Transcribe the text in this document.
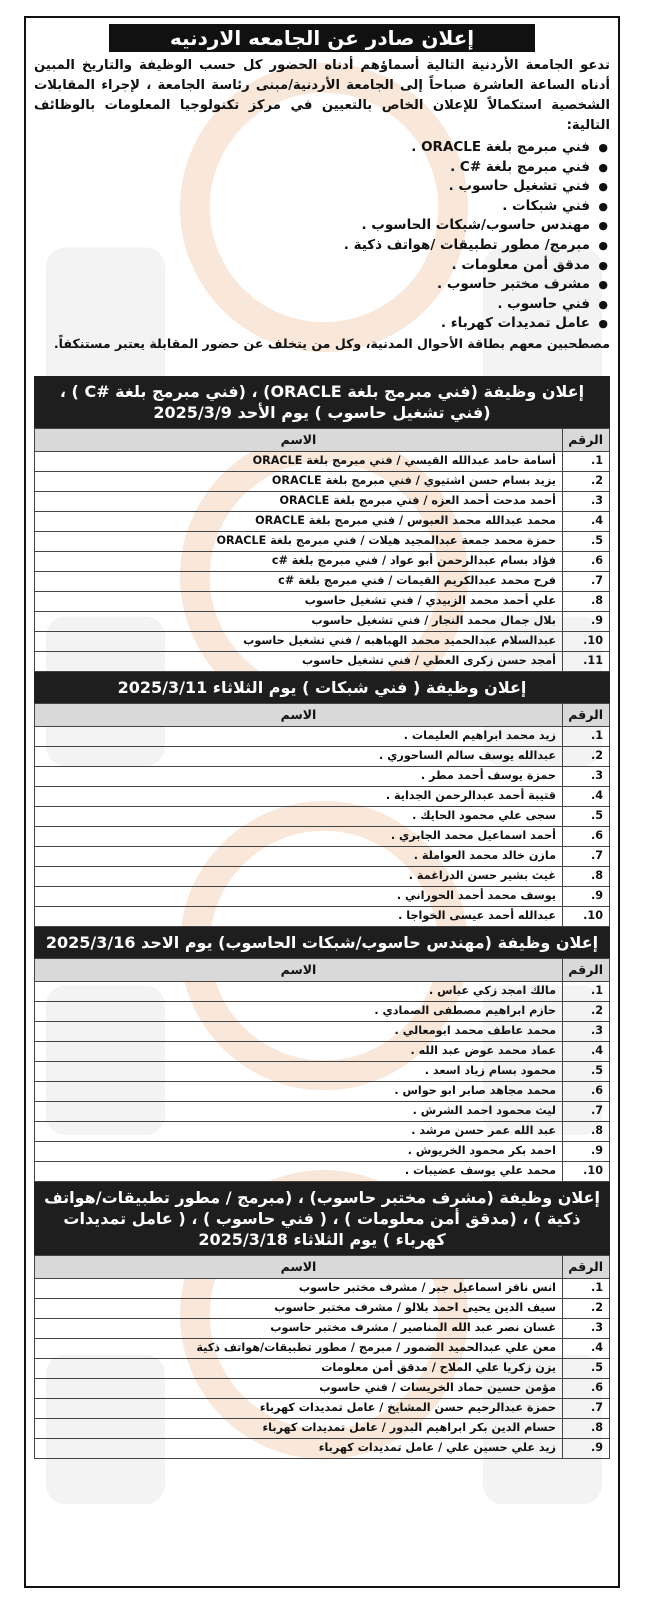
إعلان صادر عن الجامعه الاردنيه

تدعو الجامعة الأردنية التالية أسماؤهم أدناه الحضور كل حسب الوظيفة والتاريخ المبين أدناه الساعة العاشرة صباحاً إلى الجامعة الأردنية/مبنى رئاسة الجامعة ، لإجراء المقابلات الشخصية استكمالاً للإعلان الخاص بالتعيين في مركز تكنولوجيا المعلومات بالوظائف التالية:

● فني مبرمج بلغة ORACLE .
● فني مبرمج بلغة #C .
● فني تشغيل حاسوب .
● فني شبكات .
● مهندس حاسوب/شبكات الحاسوب .
● مبرمج/ مطور تطبيقات /هواتف ذكية .
● مدقق أمن معلومات .
● مشرف مختبر حاسوب .
● فني حاسوب .
● عامل تمديدات كهرباء .

مصطحبين معهم بطاقة الأحوال المدنية، وكل من يتخلف عن حضور المقابلة يعتبر مستنكفاً.

إعلان وظيفة (فني مبرمج بلغة ORACLE) ، (فني مبرمج بلغة #C ) ، (فني تشغيل حاسوب ) يوم الأحد 2025/3/9
الرقم	الاسم
1.	أسامة حامد عبدالله القيسي / فني مبرمج بلغة ORACLE
2.	يزيد بسام حسن اشتيوي / فني مبرمج بلغة ORACLE
3.	أحمد مدحت أحمد العزه / فني مبرمج بلغة ORACLE
4.	محمد عبدالله محمد العبوس / فني مبرمج بلغة ORACLE
5.	حمزة محمد جمعة عبدالمجيد هيلات / فني مبرمج بلغة ORACLE
6.	فؤاد بسام عبدالرحمن أبو عواد / فني مبرمج بلغة #c
7.	فرح محمد عبدالكريم القيمات / فني مبرمج بلغة #c
8.	علي أحمد محمد الزبيدي / فني تشغيل حاسوب
9.	بلال جمال محمد النجار / فني تشغيل حاسوب
10.	عبدالسلام عبدالحميد محمد الهباهبه / فني تشغيل حاسوب
11.	أمجد حسن زكرى العطي / فني تشغيل حاسوب
إعلان وظيفة ( فني شبكات ) يوم الثلاثاء 2025/3/11
الرقم	الاسم
1.	زيد محمد ابراهيم العليمات .
2.	عبدالله يوسف سالم الساحوري .
3.	حمزة يوسف أحمد مطر .
4.	قتيبة أحمد عبدالرحمن الجداية .
5.	سجى علي محمود الحايك .
6.	أحمد اسماعيل محمد الجابري .
7.	مازن خالد محمد العواملة .
8.	غيث بشير حسن الدراغمة .
9.	يوسف محمد أحمد الحوراني .
10.	عبدالله أحمد عيسى الخواجا .
إعلان وظيفة (مهندس حاسوب/شبكات الحاسوب) يوم الاحد 2025/3/16
الرقم	الاسم
1.	مالك امجد زكي عباس .
2.	حازم ابراهيم مصطفى الصمادي .
3.	محمد عاطف محمد ابومعالي .
4.	عماد محمد عوض عبد الله .
5.	محمود بسام زياد اسعد .
6.	محمد مجاهد صابر ابو حواس .
7.	ليث محمود احمد الشرش .
8.	عبد الله عمر حسن مرشد .
9.	احمد بكر محمود الخريوش .
10.	محمد علي يوسف عضيبات .
إعلان وظيفة (مشرف مختبر حاسوب) ، (مبرمج / مطور تطبيقات/هواتف ذكية ) ، (مدقق أمن معلومات ) ، ( فني حاسوب ) ، ( عامل تمديدات كهرباء ) يوم الثلاثاء 2025/3/18
الرقم	الاسم
1.	انس نافز اسماعيل جبر / مشرف مختبر حاسوب
2.	سيف الدين يحيى احمد بلالو / مشرف مختبر حاسوب
3.	غسان نصر عبد الله المناصير / مشرف مختبر حاسوب
4.	معن علي عبدالحميد الضمور / مبرمج / مطور تطبيقات/هواتف ذكية
5.	يزن زكريا علي الملاح / مدقق أمن معلومات
6.	مؤمن حسين حماد الخريسات / فني حاسوب
7.	حمزة عبدالرحيم حسن المشايخ / عامل تمديدات كهرباء
8.	حسام الدين بكر ابراهيم البدور / عامل تمديدات كهرباء
9.	زيد علي حسين علي / عامل تمديدات كهرباء
